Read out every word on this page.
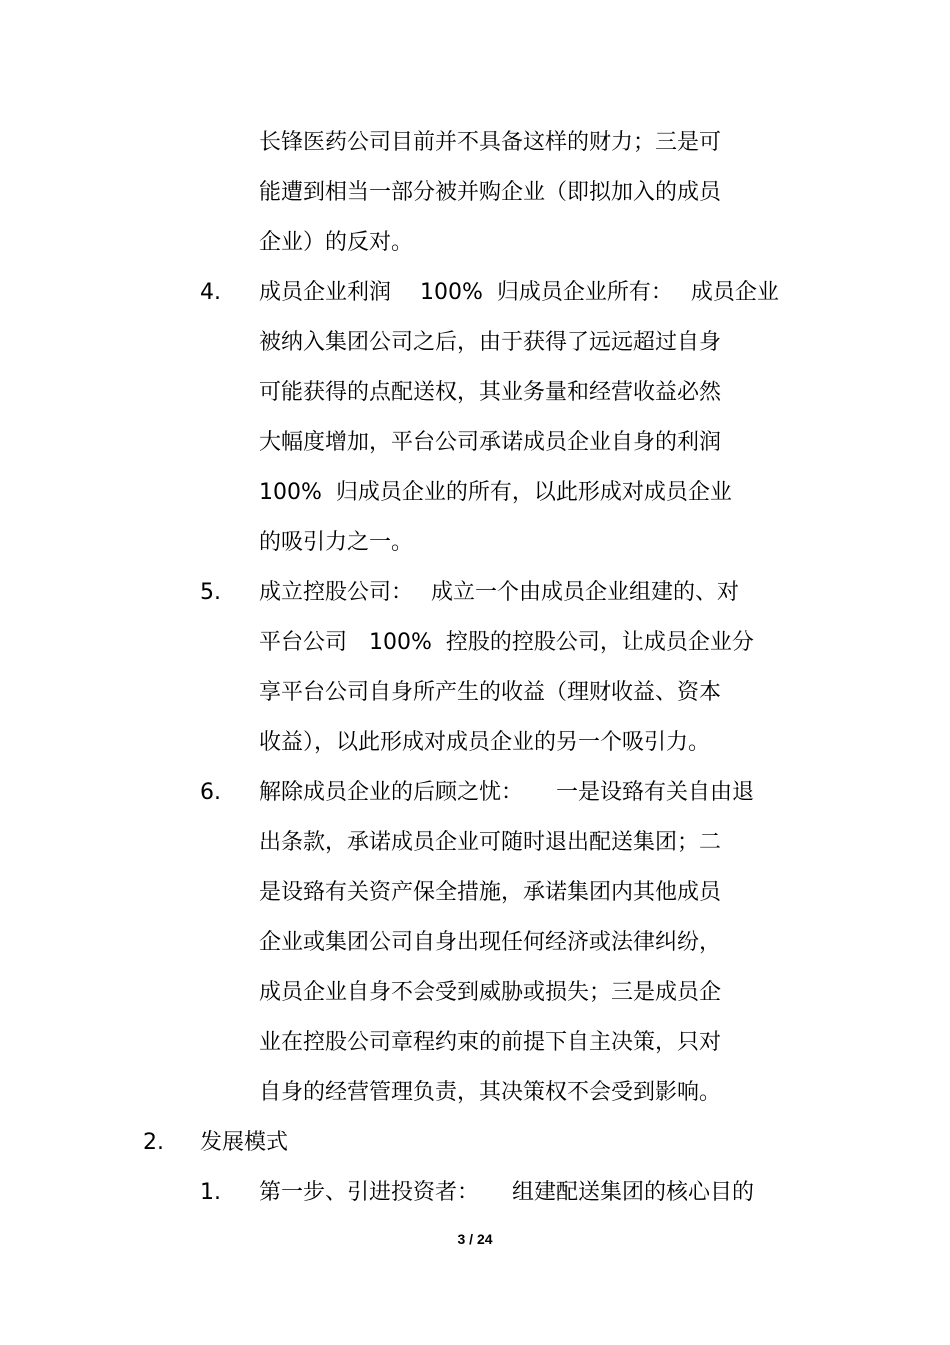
长锋医药公司目前并不具备这样的财力；三是可
能遭到相当一部分被并购企业（即拟加入的成员
企业）的反对。
4. 成员企业利润　 100%  归成员企业所有：　 成员企业
被纳入集团公司之后，由于获得了远远超过自身
可能获得的点配送权，其业务量和经营收益必然
大幅度增加，平台公司承诺成员企业自身的利润
100%  归成员企业的所有，以此形成对成员企业
的吸引力之一。
5. 成立控股公司：　 成立一个由成员企业组建的、对
平台公司　100%  控股的控股公司，让成员企业分
享平台公司自身所产生的收益（理财收益、资本
收益），以此形成对成员企业的另一个吸引力。
6. 解除成员企业的后顾之忧：　　一是设臵有关自由退
出条款，承诺成员企业可随时退出配送集团；二
是设臵有关资产保全措施，承诺集团内其他成员
企业或集团公司自身出现任何经济或法律纠纷，
成员企业自身不会受到威胁或损失；三是成员企
业在控股公司章程约束的前提下自主决策，只对
自身的经营管理负责，其决策权不会受到影响。
2. 发展模式
1. 第一步、引进投资者：　　组建配送集团的核心目的
3 / 24
